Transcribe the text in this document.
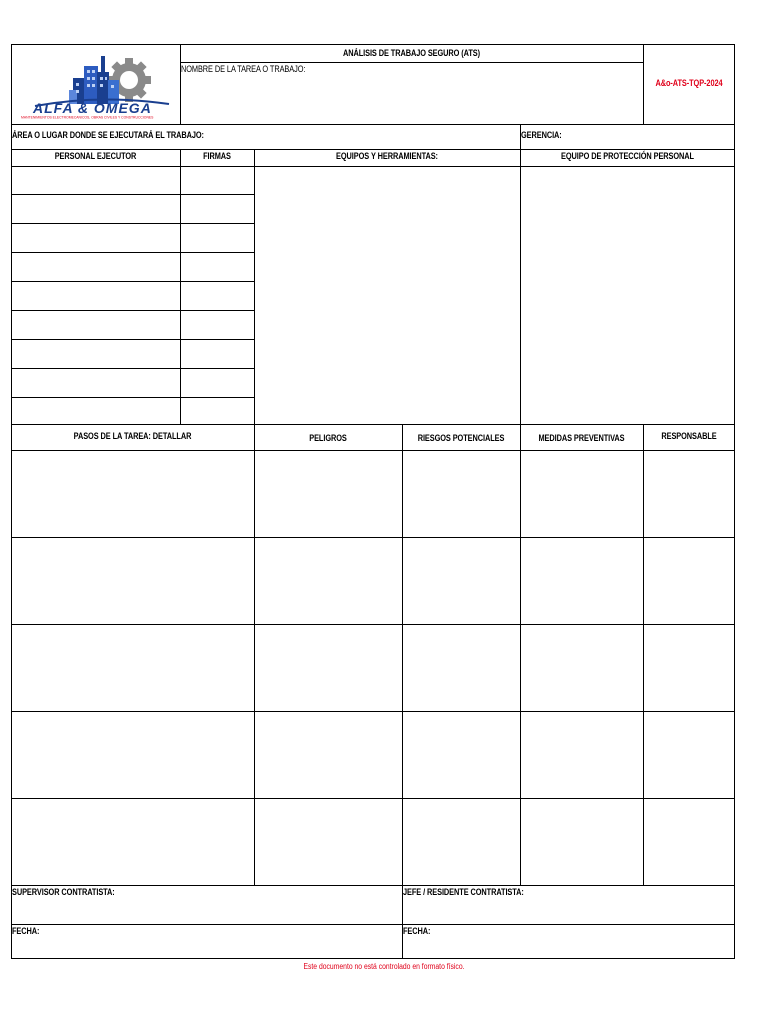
ALFA & OMEGA
MANTENIMIENTOS ELECTROMECANICOS, OBRAS CIVILES Y CONSTRUCCIONES
ANÁLISIS DE TRABAJO SEGURO (ATS)
NOMBRE DE LA TAREA O TRABAJO:
A&o-ATS-TQP-2024
ÁREA O LUGAR DONDE SE EJECUTARÁ EL TRABAJO:	GERENCIA:
PERSONAL EJECUTOR	FIRMAS	EQUIPOS Y HERRAMIENTAS:	EQUIPO DE PROTECCIÓN PERSONAL
PASOS DE LA TAREA: DETALLAR	PELIGROS	RIESGOS POTENCIALES	MEDIDAS PREVENTIVAS	RESPONSABLE
SUPERVISOR CONTRATISTA:	JEFE / RESIDENTE CONTRATISTA:
FECHA:	FECHA:
Este documento no está controlado en formato físico.
